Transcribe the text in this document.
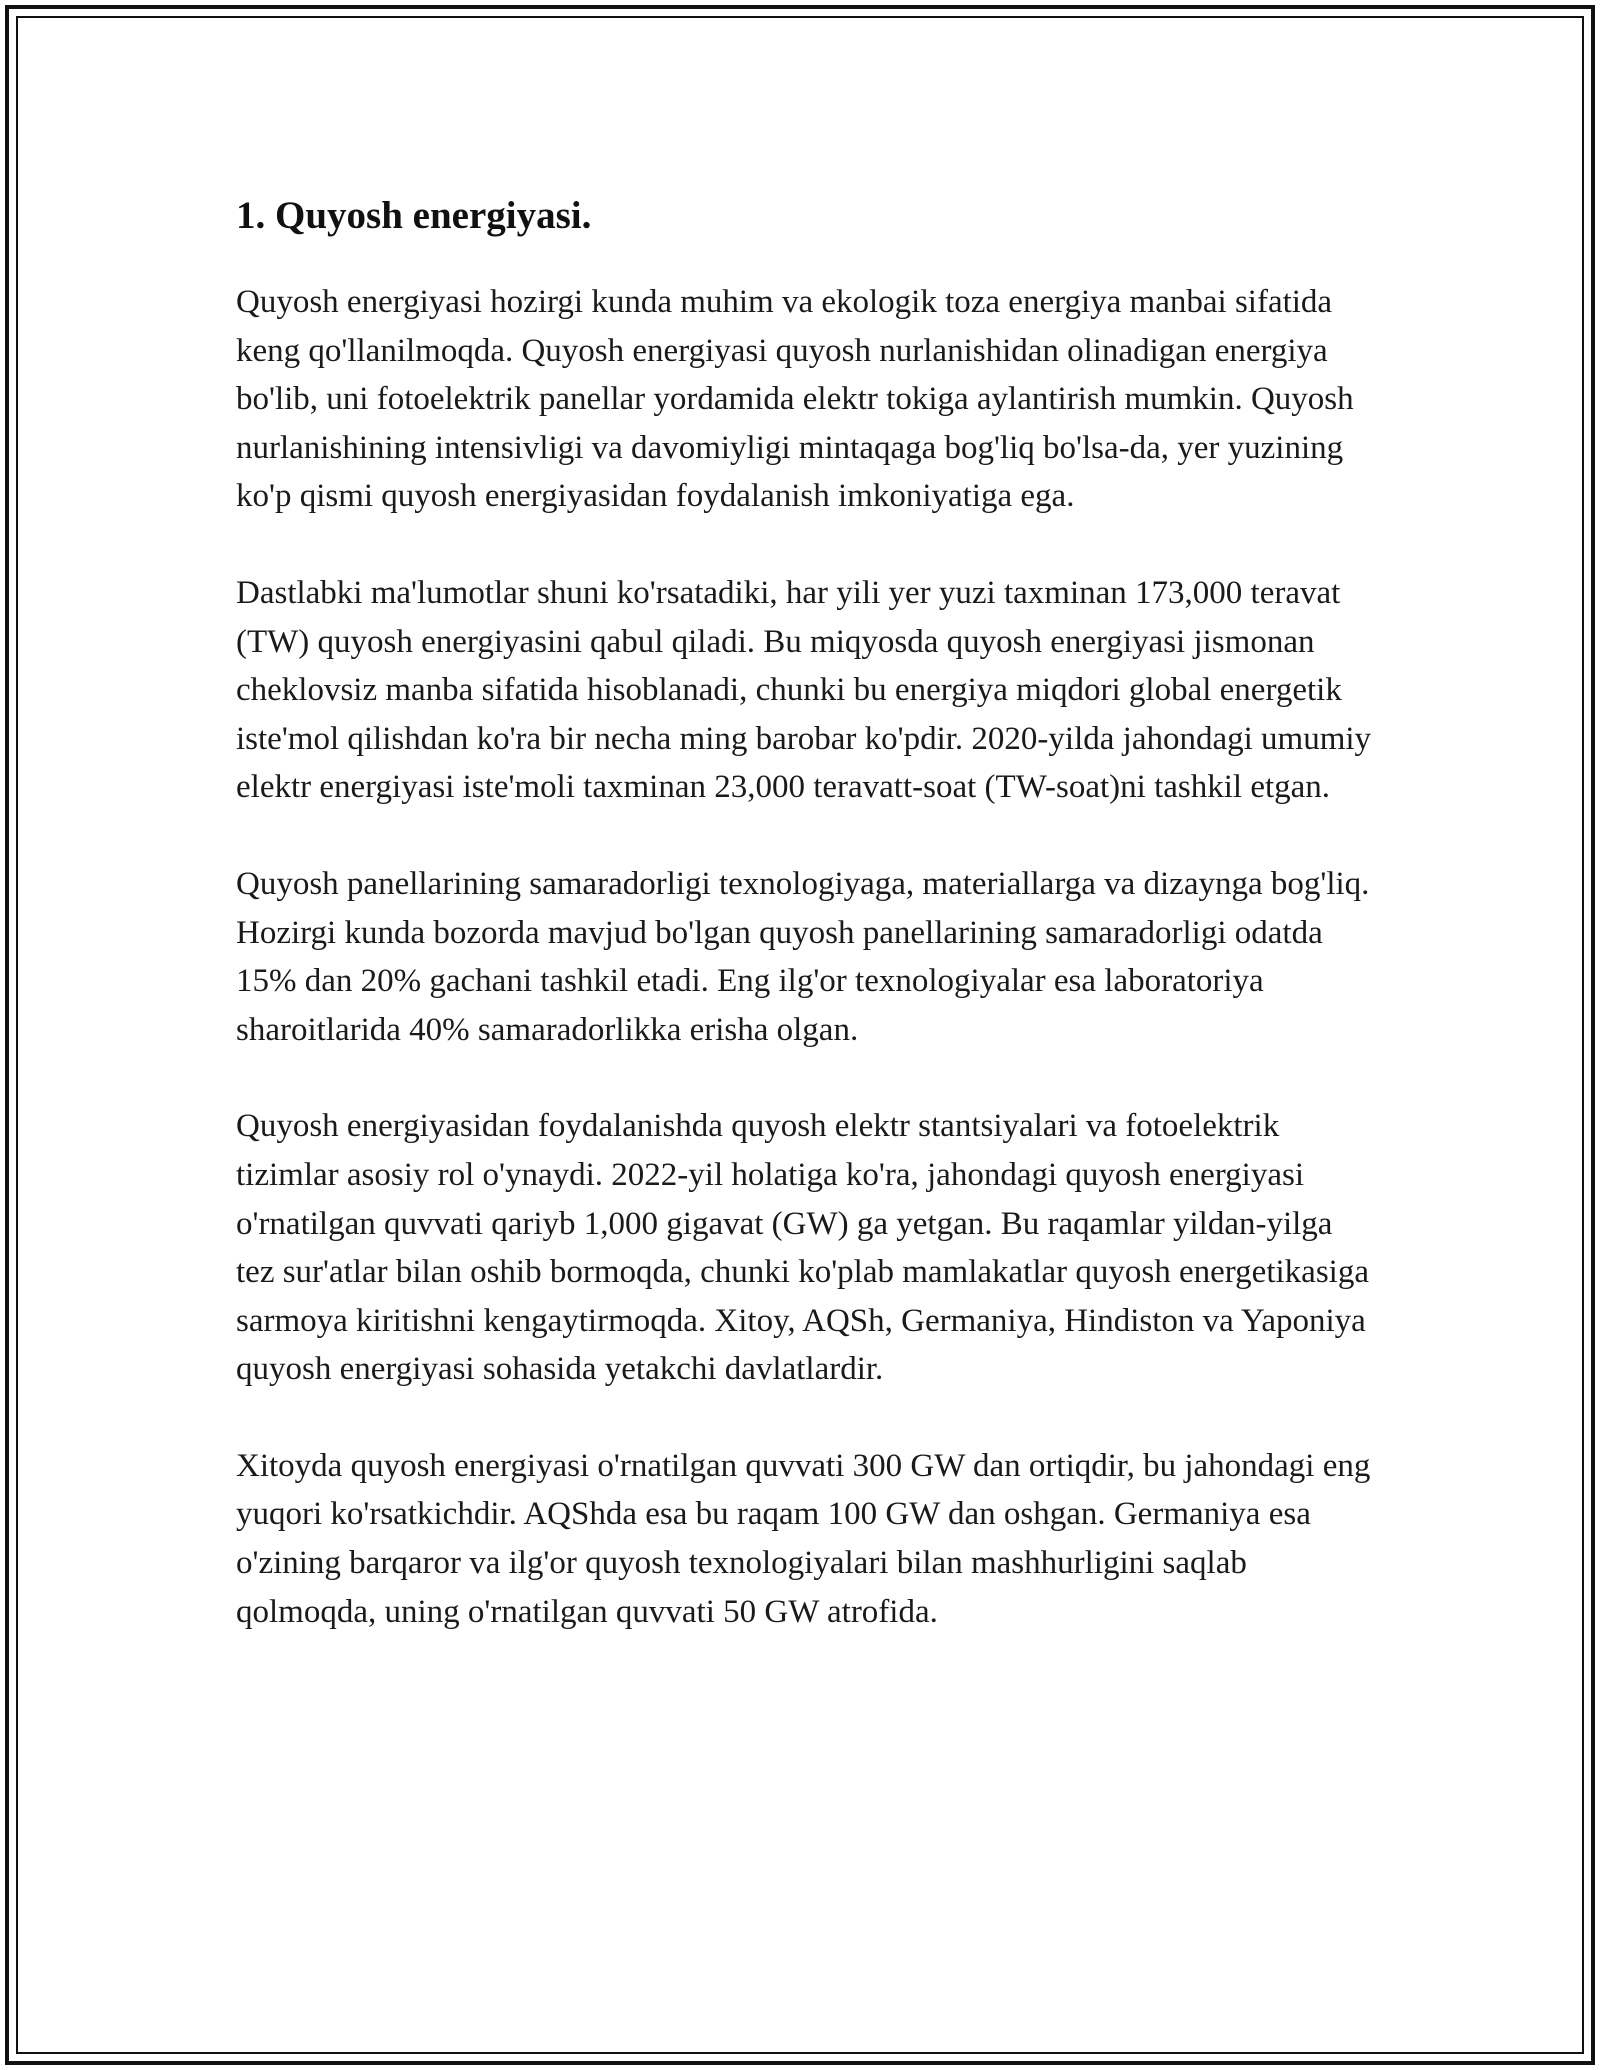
1. Quyosh energiyasi.

Quyosh energiyasi hozirgi kunda muhim va ekologik toza energiya manbai sifatida keng qo'llanilmoqda. Quyosh energiyasi quyosh nurlanishidan olinadigan energiya bo'lib, uni fotoelektrik panellar yordamida elektr tokiga aylantirish mumkin. Quyosh nurlanishining intensivligi va davomiyligi mintaqaga bog'liq bo'lsa-da, yer yuzining ko'p qismi quyosh energiyasidan foydalanish imkoniyatiga ega.

Dastlabki ma'lumotlar shuni ko'rsatadiki, har yili yer yuzi taxminan 173,000 teravat (TW) quyosh energiyasini qabul qiladi. Bu miqyosda quyosh energiyasi jismonan cheklovsiz manba sifatida hisoblanadi, chunki bu energiya miqdori global energetik iste'mol qilishdan ko'ra bir necha ming barobar ko'pdir. 2020-yilda jahondagi umumiy elektr energiyasi iste'moli taxminan 23,000 teravatt-soat (TW-soat)ni tashkil etgan.

Quyosh panellarining samaradorligi texnologiyaga, materiallarga va dizaynga bog'liq. Hozirgi kunda bozorda mavjud bo'lgan quyosh panellarining samaradorligi odatda 15% dan 20% gachani tashkil etadi. Eng ilg'or texnologiyalar esa laboratoriya sharoitlarida 40% samaradorlikka erisha olgan.

Quyosh energiyasidan foydalanishda quyosh elektr stantsiyalari va fotoelektrik tizimlar asosiy rol o'ynaydi. 2022-yil holatiga ko'ra, jahondagi quyosh energiyasi o'rnatilgan quvvati qariyb 1,000 gigavat (GW) ga yetgan. Bu raqamlar yildan-yilga tez sur'atlar bilan oshib bormoqda, chunki ko'plab mamlakatlar quyosh energetikasiga sarmoya kiritishni kengaytirmoqda. Xitoy, AQSh, Germaniya, Hindiston va Yaponiya quyosh energiyasi sohasida yetakchi davlatlardir.

Xitoyda quyosh energiyasi o'rnatilgan quvvati 300 GW dan ortiqdir, bu jahondagi eng yuqori ko'rsatkichdir. AQShda esa bu raqam 100 GW dan oshgan. Germaniya esa o'zining barqaror va ilg'or quyosh texnologiyalari bilan mashhurligini saqlab qolmoqda, uning o'rnatilgan quvvati 50 GW atrofida.
